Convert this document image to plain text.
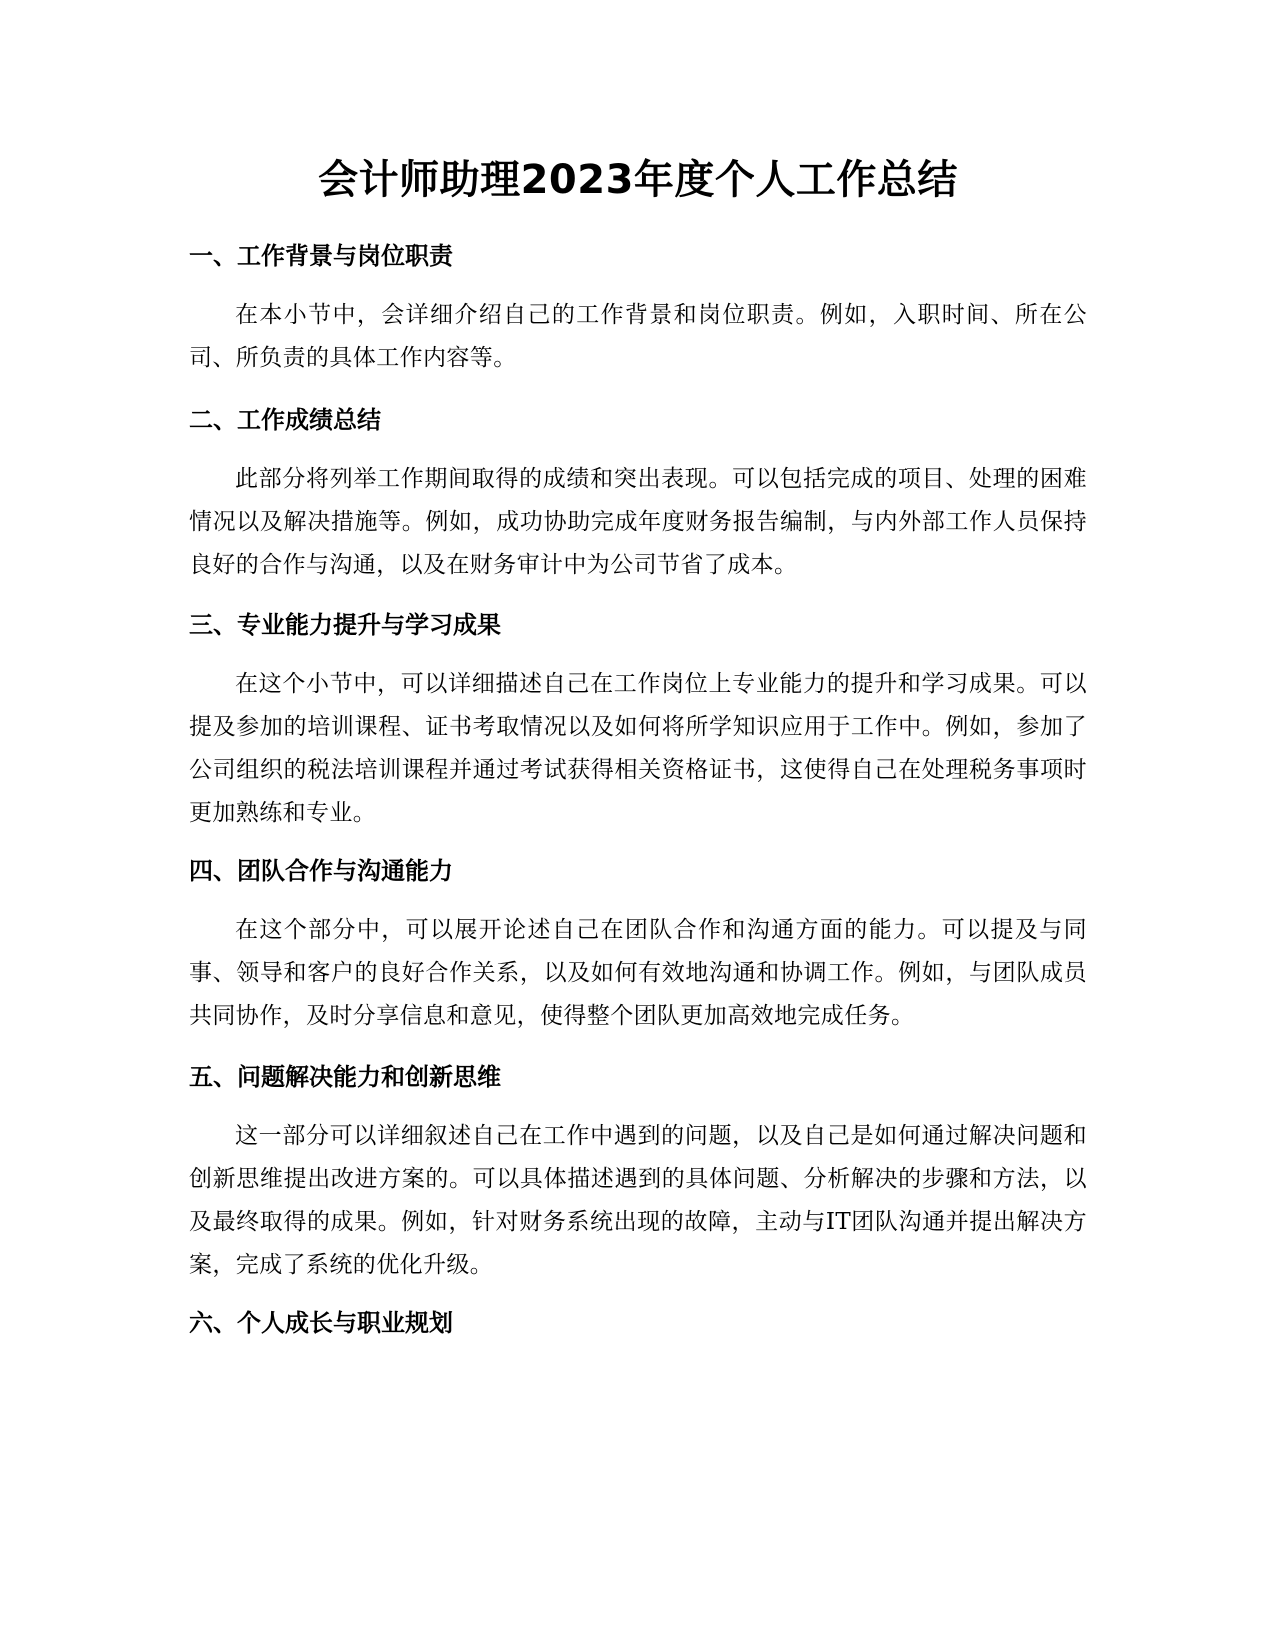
会计师助理2023年度个人工作总结
一、工作背景与岗位职责

在本小节中，会详细介绍自己的工作背景和岗位职责。例如，入职时间、所在公司、所负责的具体工作内容等。

二、工作成绩总结

此部分将列举工作期间取得的成绩和突出表现。可以包括完成的项目、处理的困难情况以及解决措施等。例如，成功协助完成年度财务报告编制，与内外部工作人员保持良好的合作与沟通，以及在财务审计中为公司节省了成本。

三、专业能力提升与学习成果

在这个小节中，可以详细描述自己在工作岗位上专业能力的提升和学习成果。可以提及参加的培训课程、证书考取情况以及如何将所学知识应用于工作中。例如，参加了公司组织的税法培训课程并通过考试获得相关资格证书，这使得自己在处理税务事项时更加熟练和专业。

四、团队合作与沟通能力

在这个部分中，可以展开论述自己在团队合作和沟通方面的能力。可以提及与同事、领导和客户的良好合作关系，以及如何有效地沟通和协调工作。例如，与团队成员共同协作，及时分享信息和意见，使得整个团队更加高效地完成任务。

五、问题解决能力和创新思维

这一部分可以详细叙述自己在工作中遇到的问题，以及自己是如何通过解决问题和创新思维提出改进方案的。可以具体描述遇到的具体问题、分析解决的步骤和方法，以及最终取得的成果。例如，针对财务系统出现的故障，主动与IT团队沟通并提出解决方案，完成了系统的优化升级。

六、个人成长与职业规划
